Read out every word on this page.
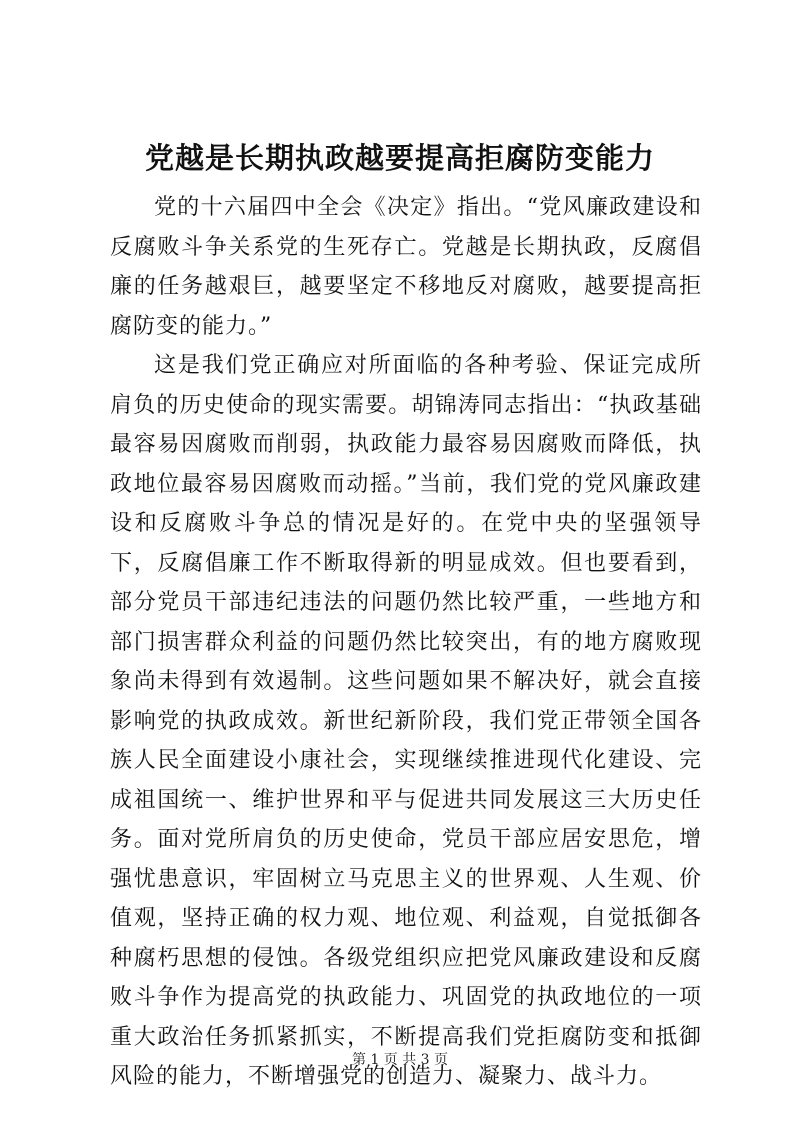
党越是长期执政越要提高拒腐防变能力

党的十六届四中全会《决定》指出。“党风廉政建设和反腐败斗争关系党的生死存亡。党越是长期执政，反腐倡廉的任务越艰巨，越要坚定不移地反对腐败，越要提高拒腐防变的能力。”

这是我们党正确应对所面临的各种考验、保证完成所肩负的历史使命的现实需要。胡锦涛同志指出：“执政基础最容易因腐败而削弱，执政能力最容易因腐败而降低，执政地位最容易因腐败而动摇。”当前，我们党的党风廉政建设和反腐败斗争总的情况是好的。在党中央的坚强领导下，反腐倡廉工作不断取得新的明显成效。但也要看到，部分党员干部违纪违法的问题仍然比较严重，一些地方和部门损害群众利益的问题仍然比较突出，有的地方腐败现象尚未得到有效遏制。这些问题如果不解决好，就会直接影响党的执政成效。新世纪新阶段，我们党正带领全国各族人民全面建设小康社会，实现继续推进现代化建设、完成祖国统一、维护世界和平与促进共同发展这三大历史任务。面对党所肩负的历史使命，党员干部应居安思危，增强忧患意识，牢固树立马克思主义的世界观、人生观、价值观，坚持正确的权力观、地位观、利益观，自觉抵御各种腐朽思想的侵蚀。各级党组织应把党风廉政建设和反腐败斗争作为提高党的执政能力、巩固党的执政地位的一项重大政治任务抓紧抓实，不断提高我们党拒腐防变和抵御风险的能力，不断增强党的创造力、凝聚力、战斗力。

第 1 页 共 3 页
